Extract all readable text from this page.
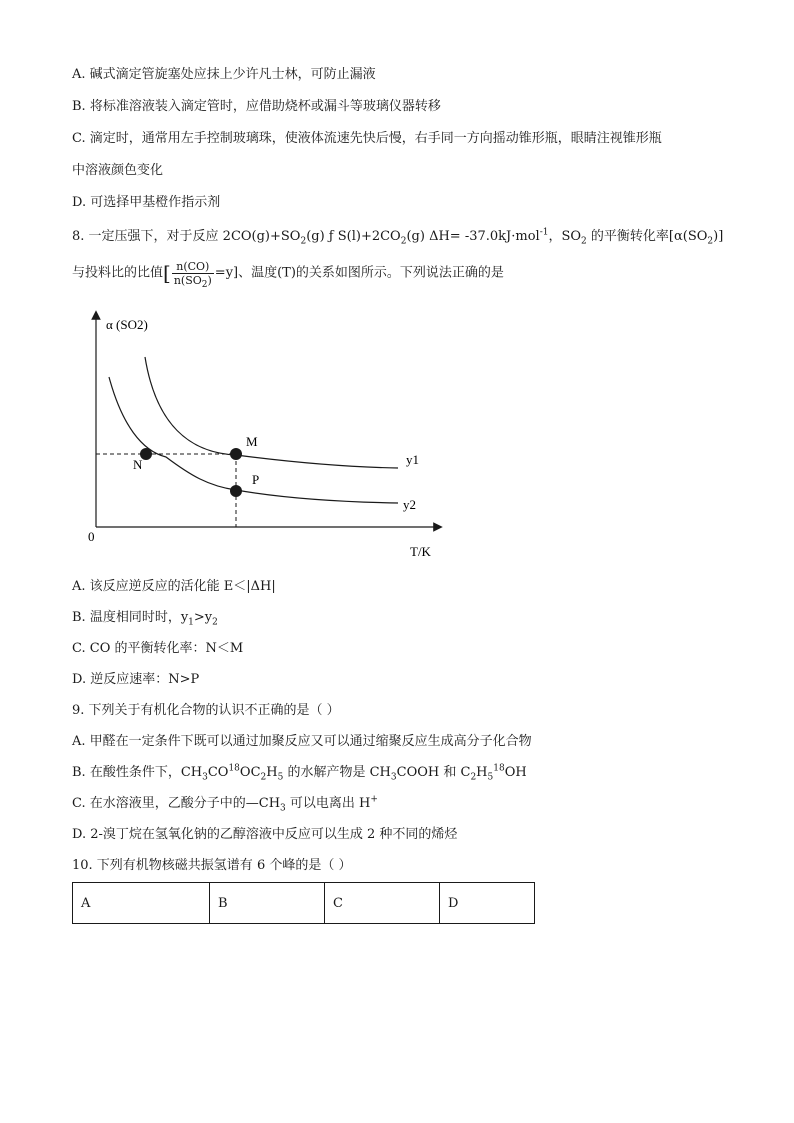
A. 碱式滴定管旋塞处应抹上少许凡士林，可防止漏液
B. 将标准溶液装入滴定管时，应借助烧杯或漏斗等玻璃仪器转移
C. 滴定时，通常用左手控制玻璃珠，使液体流速先快后慢，右手同一方向摇动锥形瓶，眼睛注视锥形瓶
中溶液颜色变化
D. 可选择甲基橙作指示剂
8. 一定压强下，对于反应 $2CO(g)+SO_2(g)$ ƒ $S(l)+2CO_2(g)$ ΔH= -37.0kJ·mol$^{-1}$，$SO_2$ 的平衡转化率$[\alpha(SO_2)]$
与投料比的比值[ $\frac{n(CO)}{n(SO_2)} =y$]、温度(T)的关系如图所示。下列说法正确的是
α (SO2)
T/K
0
M
N
P
y1
y2
A. 该反应逆反应的活化能 E＜|ΔH|
B. 温度相同时时，$y_1>y_2$
C. CO 的平衡转化率：N＜M
D. 逆反应速率：N>P
9. 下列关于有机化合物的认识不正确的是（ ）
A. 甲醛在一定条件下既可以通过加聚反应又可以通过缩聚反应生成高分子化合物
B. 在酸性条件下，$CH_3CO^{18}OC_2H_5$ 的水解产物是 $CH_3COOH$ 和 $C_2H_5^{18}OH$
C. 在水溶液里，乙酸分子中的$—CH_3$ 可以电离出 H+
D. 2-溴丁烷在氢氧化钠的乙醇溶液中反应可以生成 2 种不同的烯烃
10. 下列有机物核磁共振氢谱有 6 个峰的是（ ）
A	B	C	D
